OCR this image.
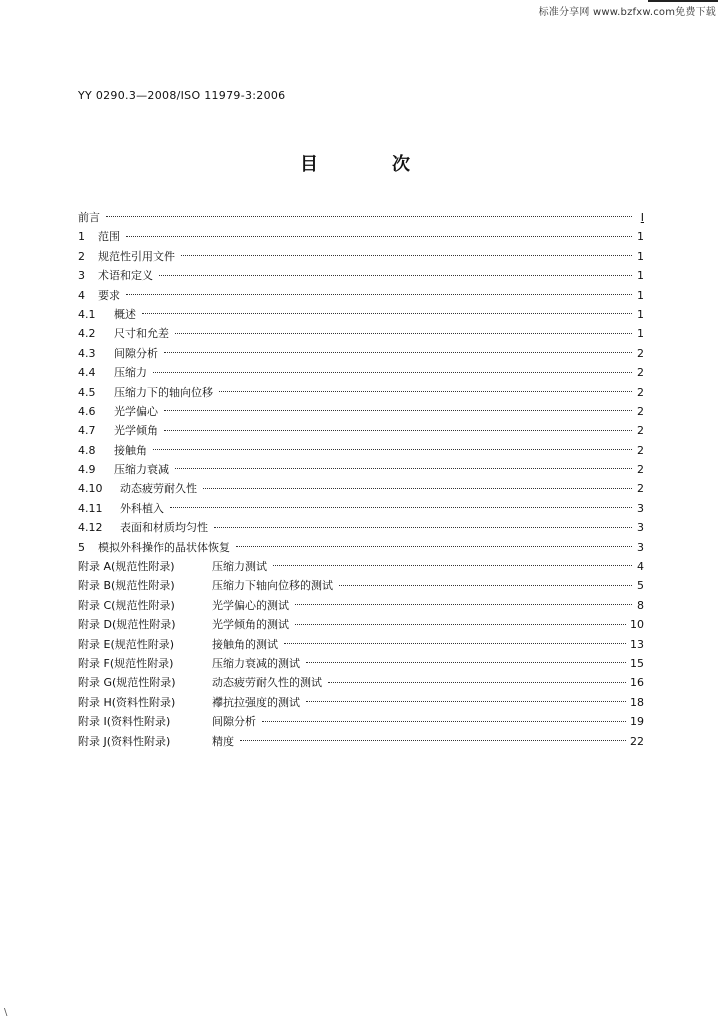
标准分享网 www.bzfxw.com免费下载
YY 0290.3—2008/ISO 11979-3:2006
目　次
前言	Ⅰ
1	范围	1
2	规范性引用文件	1
3	术语和定义	1
4	要求	1
4.1	概述	1
4.2	尺寸和允差	1
4.3	间隙分析	2
4.4	压缩力	2
4.5	压缩力下的轴向位移	2
4.6	光学偏心	2
4.7	光学倾角	2
4.8	接触角	2
4.9	压缩力衰减	2
4.10	动态疲劳耐久性	2
4.11	外科植入	3
4.12	表面和材质均匀性	3
5	模拟外科操作的晶状体恢复	3
附录 A(规范性附录)	压缩力测试	4
附录 B(规范性附录)	压缩力下轴向位移的测试	5
附录 C(规范性附录)	光学偏心的测试	8
附录 D(规范性附录)	光学倾角的测试	10
附录 E(规范性附录)	接触角的测试	13
附录 F(规范性附录)	压缩力衰减的测试	15
附录 G(规范性附录)	动态疲劳耐久性的测试	16
附录 H(资料性附录)	襻抗拉强度的测试	18
附录 I(资料性附录)	间隙分析	19
附录 J(资料性附录)	精度	22
\
